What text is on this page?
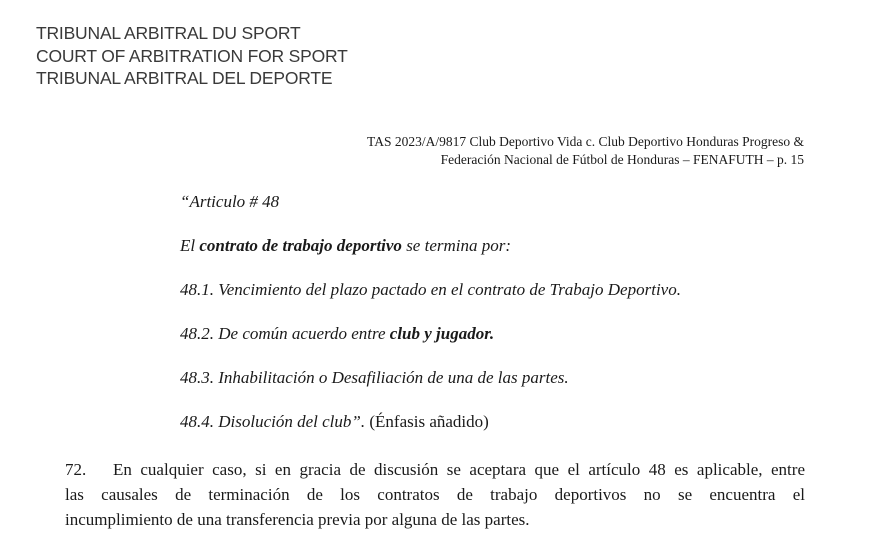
TRIBUNAL ARBITRAL DU SPORT
COURT OF ARBITRATION FOR SPORT
TRIBUNAL ARBITRAL DEL DEPORTE
TAS 2023/A/9817 Club Deportivo Vida c. Club Deportivo Honduras Progreso &
Federación Nacional de Fútbol de Honduras – FENAFUTH – p. 15

“Articulo # 48

El contrato de trabajo deportivo se termina por:

48.1. Vencimiento del plazo pactado en el contrato de Trabajo Deportivo.

48.2. De común acuerdo entre club y jugador.

48.3. Inhabilitación o Desafiliación de una de las partes.

48.4. Disolución del club”. (Énfasis añadido)

72. En cualquier caso, si en gracia de discusión se aceptara que el artículo 48 es aplicable, entre
las causales de terminación de los contratos de trabajo deportivos no se encuentra el
incumplimiento de una transferencia previa por alguna de las partes.
